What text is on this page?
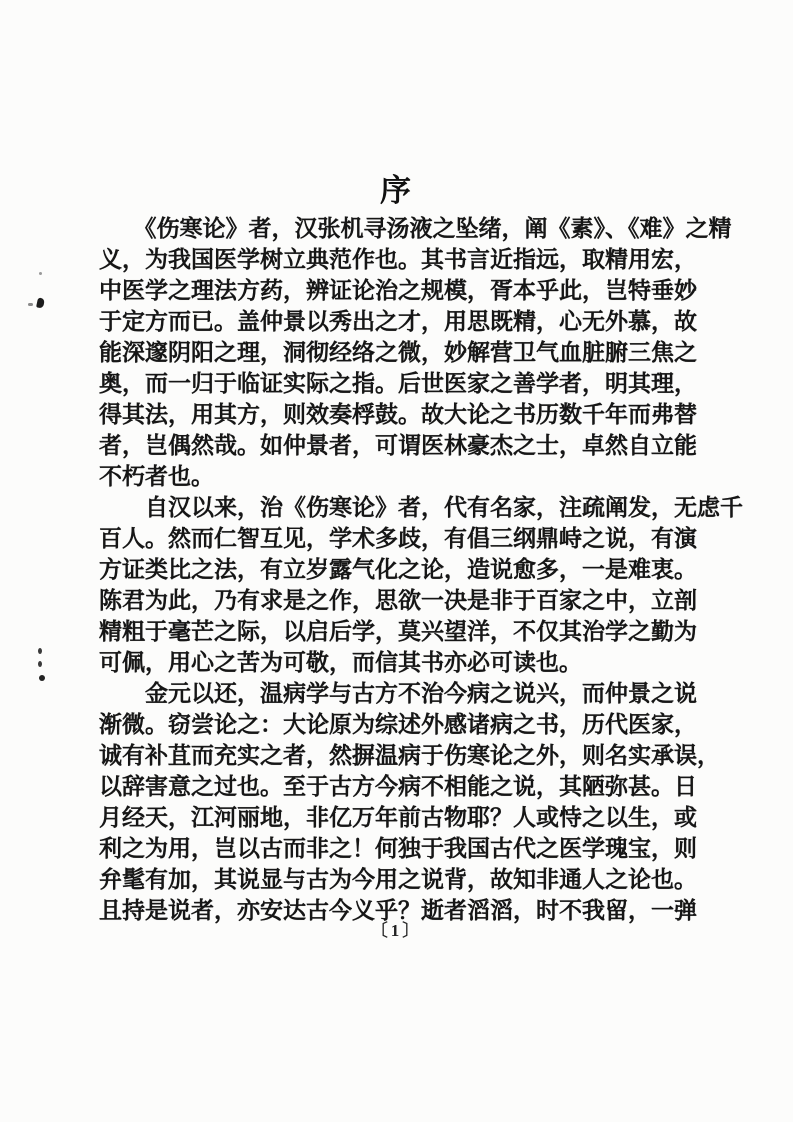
序
　　《伤寒论》者，汉张机寻汤液之坠绪，阐《素》、《难》之精
义，为我国医学树立典范作也。其书言近指远，取精用宏，
中医学之理法方药，辨证论治之规模，胥本乎此，岂特垂妙
于定方而已。盖仲景以秀出之才，用思既精，心无外慕，故
能深邃阴阳之理，洞彻经络之微，妙解营卫气血脏腑三焦之
奥，而一归于临证实际之指。后世医家之善学者，明其理，
得其法，用其方，则效奏桴鼓。故大论之书历数千年而弗替
者，岂偶然哉。如仲景者，可谓医林豪杰之士，卓然自立能
不朽者也。
　　自汉以来，治《伤寒论》者，代有名家，注疏阐发，无虑千
百人。然而仁智互见，学术多歧，有倡三纲鼎峙之说，有演
方证类比之法，有立岁露气化之论，造说愈多，一是难衷。
陈君为此，乃有求是之作，思欲一决是非于百家之中，立剖
精粗于毫芒之际，以启后学，莫兴望洋，不仅其治学之勤为
可佩，用心之苦为可敬，而信其书亦必可读也。
　　金元以还，温病学与古方不治今病之说兴，而仲景之说
渐微。窃尝论之：大论原为综述外感诸病之书，历代医家，
诚有补苴而充实之者，然摒温病于伤寒论之外，则名实承误，
以辞害意之过也。至于古方今病不相能之说，其陋弥甚。日
月经天，江河丽地，非亿万年前古物耶？人或恃之以生，或
利之为用，岂以古而非之！何独于我国古代之医学瑰宝，则
弁髦有加，其说显与古为今用之说背，故知非通人之论也。
且持是说者，亦安达古今义乎？逝者滔滔，时不我留，一弹
〔1〕
